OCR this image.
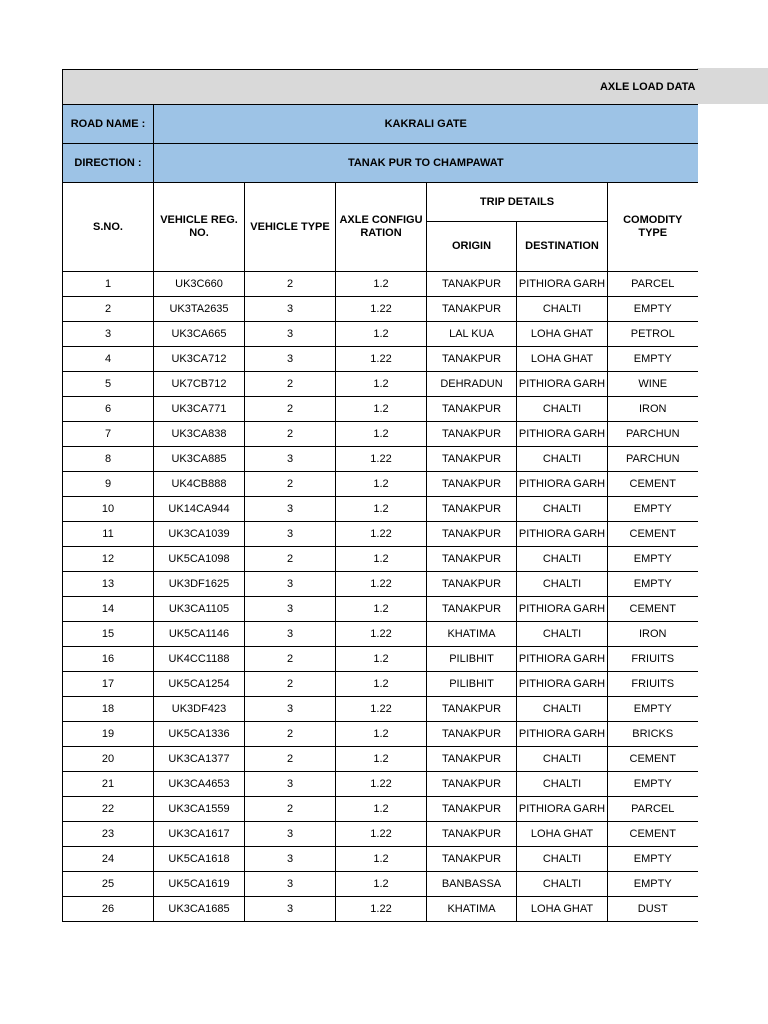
AXLE LOAD DATA						
ROAD NAME :	KAKRALI GATE					
DIRECTION :	TANAK PUR TO CHAMPAWAT					
S.NO.	VEHICLE REG. NO.	VEHICLE TYPE	AXLE CONFIGURATION	TRIP DETAILS		COMODITY TYPE
				ORIGIN	DESTINATION	
1	UK3C660	2	1.2	TANAKPUR	PITHIORA GARH	PARCEL
2	UK3TA2635	3	1.22	TANAKPUR	CHALTI	EMPTY
3	UK3CA665	3	1.2	LAL KUA	LOHA GHAT	PETROL
4	UK3CA712	3	1.22	TANAKPUR	LOHA GHAT	EMPTY
5	UK7CB712	2	1.2	DEHRADUN	PITHIORA GARH	WINE
6	UK3CA771	2	1.2	TANAKPUR	CHALTI	IRON
7	UK3CA838	2	1.2	TANAKPUR	PITHIORA GARH	PARCHUN
8	UK3CA885	3	1.22	TANAKPUR	CHALTI	PARCHUN
9	UK4CB888	2	1.2	TANAKPUR	PITHIORA GARH	CEMENT
10	UK14CA944	3	1.2	TANAKPUR	CHALTI	EMPTY
11	UK3CA1039	3	1.22	TANAKPUR	PITHIORA GARH	CEMENT
12	UK5CA1098	2	1.2	TANAKPUR	CHALTI	EMPTY
13	UK3DF1625	3	1.22	TANAKPUR	CHALTI	EMPTY
14	UK3CA1105	3	1.2	TANAKPUR	PITHIORA GARH	CEMENT
15	UK5CA1146	3	1.22	KHATIMA	CHALTI	IRON
16	UK4CC1188	2	1.2	PILIBHIT	PITHIORA GARH	FRIUITS
17	UK5CA1254	2	1.2	PILIBHIT	PITHIORA GARH	FRIUITS
18	UK3DF423	3	1.22	TANAKPUR	CHALTI	EMPTY
19	UK5CA1336	2	1.2	TANAKPUR	PITHIORA GARH	BRICKS
20	UK3CA1377	2	1.2	TANAKPUR	CHALTI	CEMENT
21	UK3CA4653	3	1.22	TANAKPUR	CHALTI	EMPTY
22	UK3CA1559	2	1.2	TANAKPUR	PITHIORA GARH	PARCEL
23	UK3CA1617	3	1.22	TANAKPUR	LOHA GHAT	CEMENT
24	UK5CA1618	3	1.2	TANAKPUR	CHALTI	EMPTY
25	UK5CA1619	3	1.2	BANBASSA	CHALTI	EMPTY
26	UK3CA1685	3	1.22	KHATIMA	LOHA GHAT	DUST
